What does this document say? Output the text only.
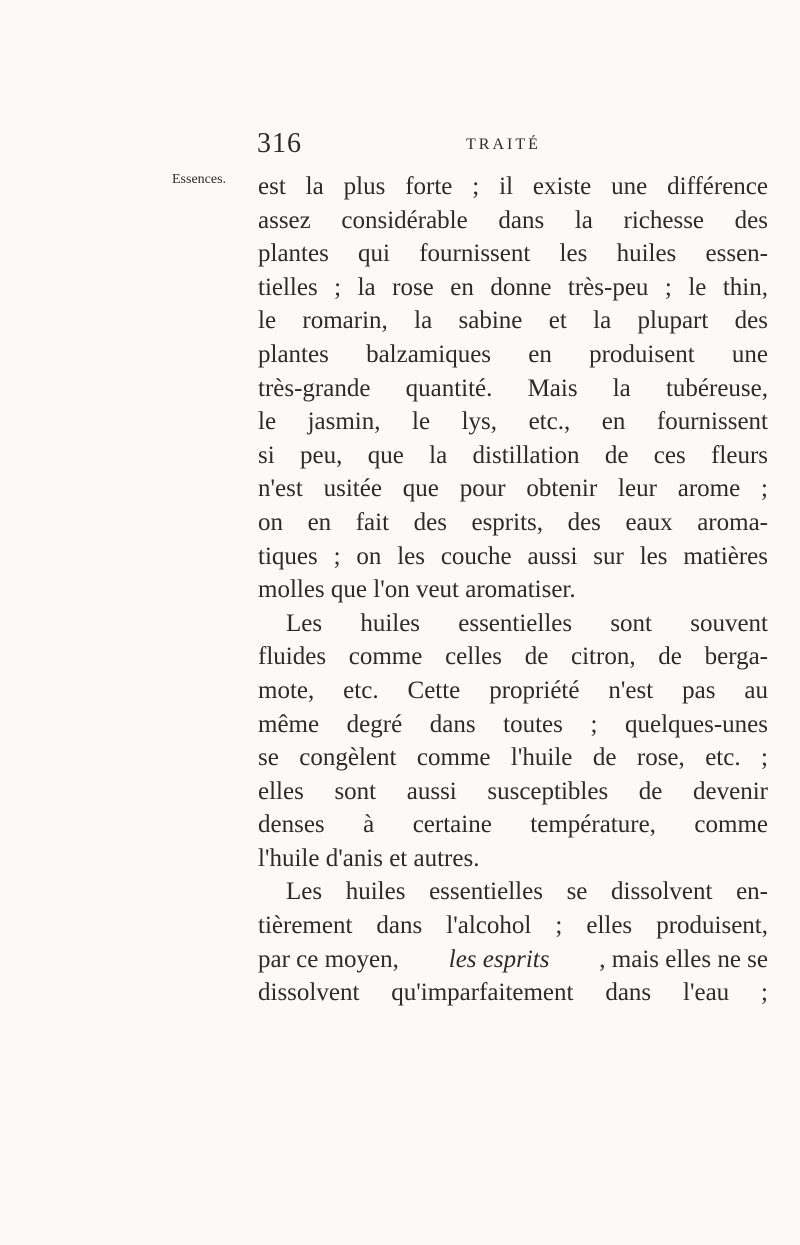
316	TRAITÉ
Essences. est la plus forte ; il existe une différence
assez considérable dans la richesse des
plantes qui fournissent les huiles essen-
tielles ; la rose en donne très-peu ; le thin,
le romarin, la sabine et la plupart des
plantes balzamiques en produisent une
très-grande quantité. Mais la tubéreuse,
le jasmin, le lys, etc., en fournissent
si peu, que la distillation de ces fleurs
n'est usitée que pour obtenir leur arome ;
on en fait des esprits, des eaux aroma-
tiques ; on les couche aussi sur les matières
molles que l'on veut aromatiser.
Les huiles essentielles sont souvent
fluides comme celles de citron, de berga-
mote, etc. Cette propriété n'est pas au
même degré dans toutes ; quelques-unes
se congèlent comme l'huile de rose, etc. ;
elles sont aussi susceptibles de devenir
denses à certaine température, comme
l'huile d'anis et autres.
Les huiles essentielles se dissolvent en-
tièrement dans l'alcohol ; elles produisent,
par ce moyen, les esprits , mais elles ne se
dissolvent qu'imparfaitement dans l'eau ;
